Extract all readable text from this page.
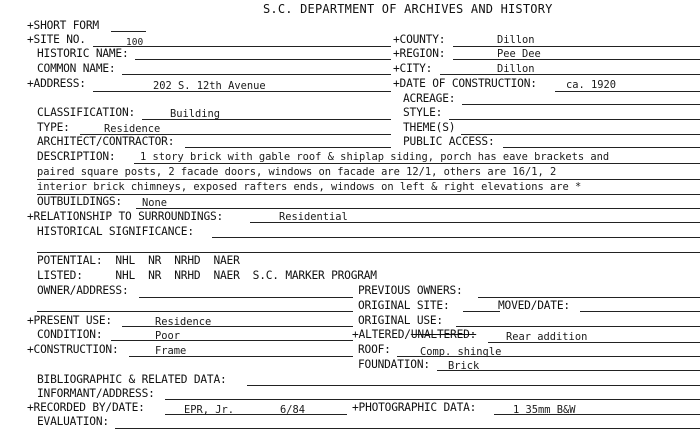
S.C. DEPARTMENT OF ARCHIVES AND HISTORY
+SHORT FORM
+SITE NO.	100	+COUNTY:	Dillon
HISTORIC NAME:	+REGION:	Pee Dee
COMMON NAME:	+CITY:	Dillon
+ADDRESS:	202 S. 12th Avenue	+DATE OF CONSTRUCTION:	ca. 1920
ACREAGE:
CLASSIFICATION:	Building	STYLE:
TYPE:	Residence	THEME(S)
ARCHITECT/CONTRACTOR:	PUBLIC ACCESS:
DESCRIPTION: 1 story brick with gable roof & shiplap siding, porch has eave brackets and
paired square posts, 2 facade doors, windows on facade are 12/1, others are 16/1, 2
interior brick chimneys, exposed rafters ends, windows on left & right elevations are *
OUTBUILDINGS: None
+RELATIONSHIP TO SURROUNDINGS:	Residential
HISTORICAL SIGNIFICANCE:
POTENTIAL:  NHL  NR  NRHD  NAER
LISTED:     NHL  NR  NRHD  NAER  S.C. MARKER PROGRAM
OWNER/ADDRESS:	PREVIOUS OWNERS:
ORIGINAL SITE:	MOVED/DATE:
+PRESENT USE:	Residence	ORIGINAL USE:
CONDITION:	Poor	+ALTERED/UNALTERED:	Rear addition
+CONSTRUCTION:	Frame	ROOF:	Comp. shingle
FOUNDATION: Brick
BIBLIOGRAPHIC & RELATED DATA:
INFORMANT/ADDRESS:
+RECORDED BY/DATE:	EPR, Jr.	6/84	+PHOTOGRAPHIC DATA:	1 35mm B&W
EVALUATION:
